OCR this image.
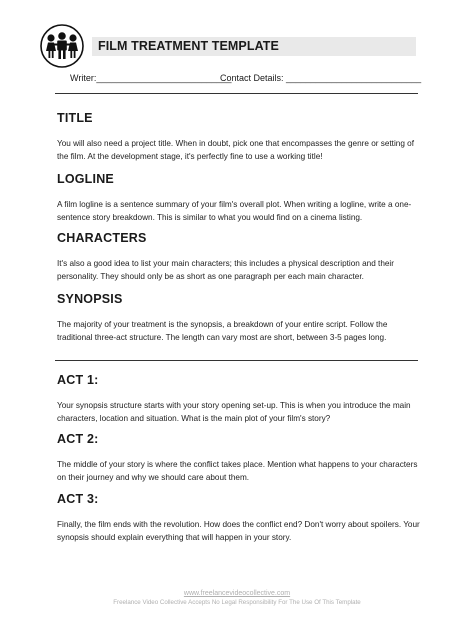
FILM TREATMENT TEMPLATE
Writer:___________________________
Contact Details: ___________________________
TITLE

You will also need a project title. When in doubt, pick one that encompasses the genre or setting of the film. At the development stage, it's perfectly fine to use a working title!

LOGLINE

A film logline is a sentence summary of your film's overall plot. When writing a logline, write a one-sentence story breakdown. This is similar to what you would find on a cinema listing.

CHARACTERS

It's also a good idea to list your main characters; this includes a physical description and their personality. They should only be as short as one paragraph per each main character.

SYNOPSIS

The majority of your treatment is the synopsis, a breakdown of your entire script. Follow the traditional three-act structure. The length can vary most are short, between 3-5 pages long.

ACT 1:

Your synopsis structure starts with your story opening set-up. This is when you introduce the main characters, location and situation. What is the main plot of your film's story?

ACT 2:

The middle of your story is where the conflict takes place. Mention what happens to your characters on their journey and why we should care about them.

ACT 3:

Finally, the film ends with the revolution. How does the conflict end? Don't worry about spoilers. Your synopsis should explain everything that will happen in your story.

www.freelancevideocollective.com
Freelance Video Collective Accepts No Legal Responsibility For The Use Of This Template
